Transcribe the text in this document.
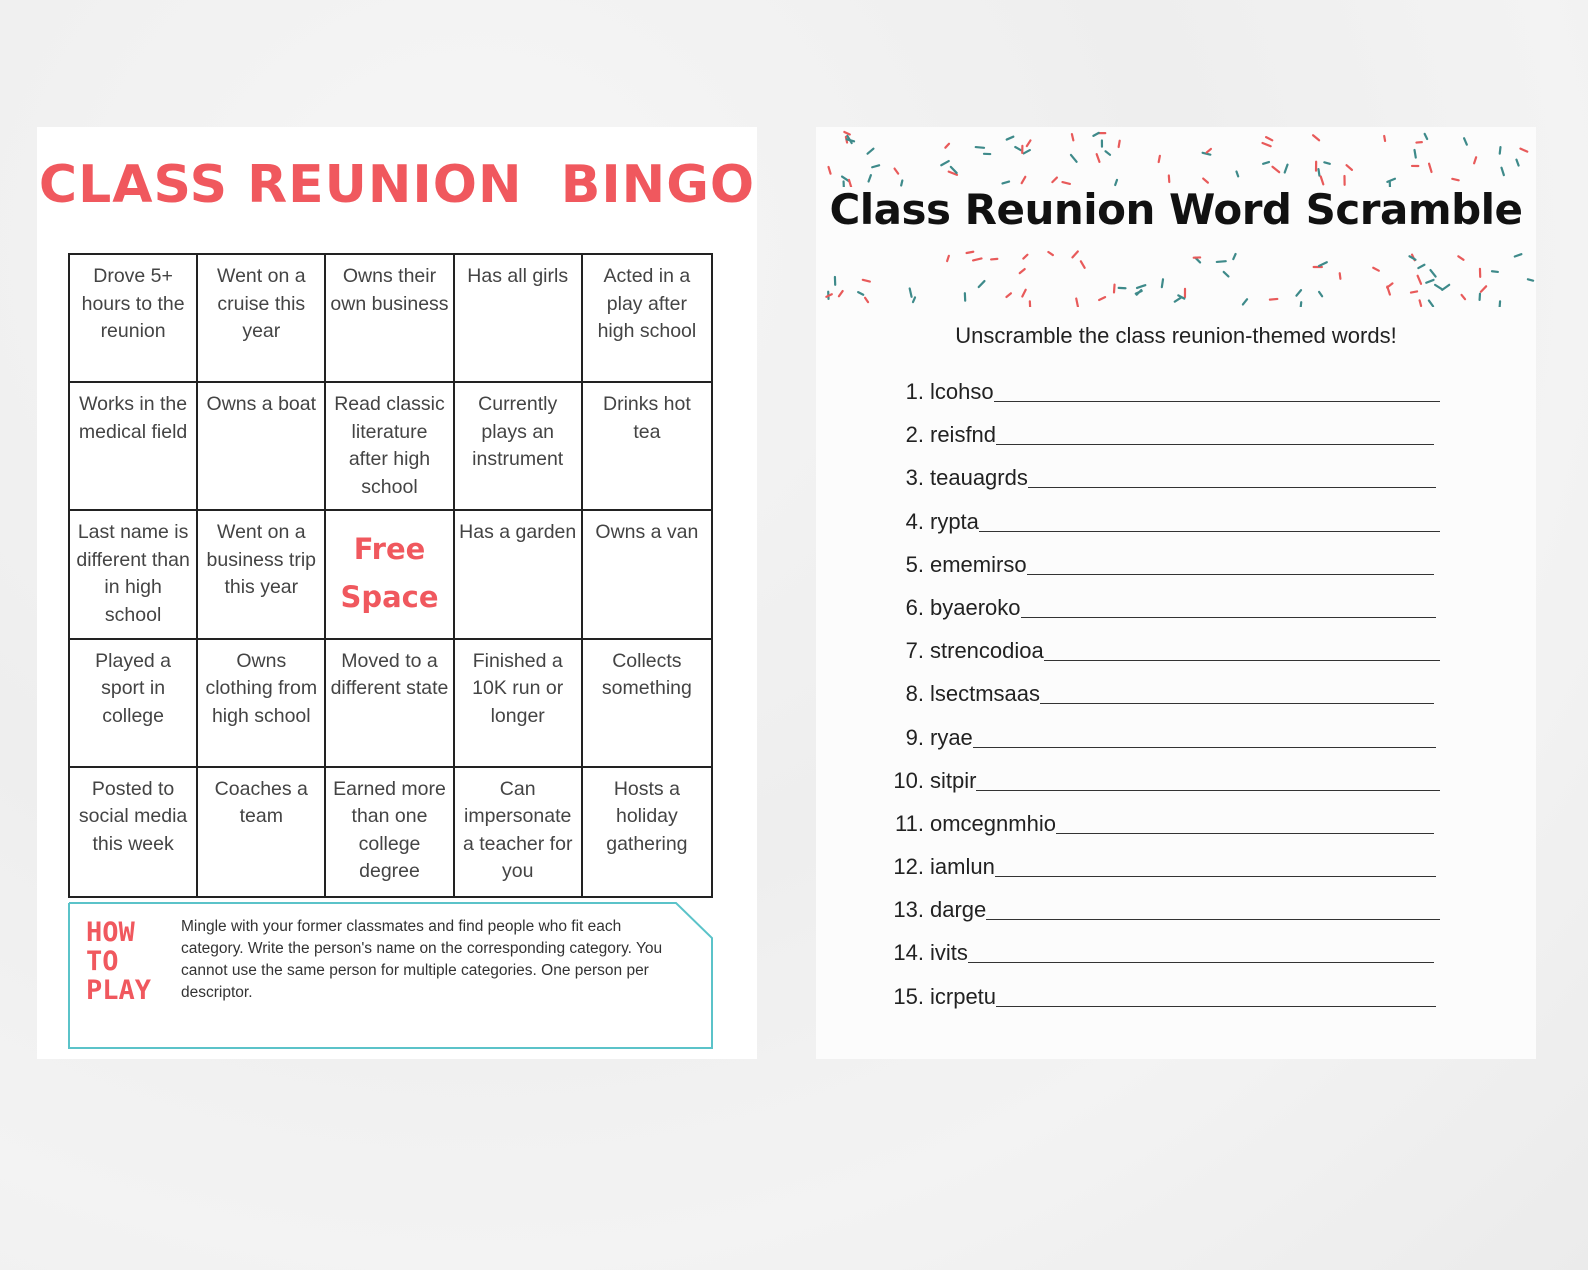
CLASS REUNION  BINGO
Drove 5+ hours to the reunion
Went on a cruise this year
Owns their own business
Has all girls	Acted in a play after high school
Works in the medical field
Owns a boat Read classic literature after high school
Currently plays an instrument
Drinks hot tea
Last name is different than in high school
Went on a business trip this year
Free Space
Has a garden Owns a van
Played a sport in college
Owns clothing from high school
Moved to a different state
Finished a 10K run or longer
Collects something
Posted to social media this week
Coaches a team
Earned more than one college degree
Can impersonate a teacher for you
Hosts a holiday gathering
HOW TO PLAY
Mingle with your former classmates and find people who fit each category. Write the person's name on the corresponding category. You cannot use the same person for multiple categories. One person per descriptor.
Class Reunion Word Scramble
Unscramble the class reunion-themed words!
1. lcohso
2. reisfnd
3. teauagrds
4. rypta
5. ememirso
6. byaeroko
7. strencodioa
8. lsectmsaas
9. ryae
10. sitpir
11. omcegnmhio
12. iamlun
13. darge
14. ivits
15. icrpetu
